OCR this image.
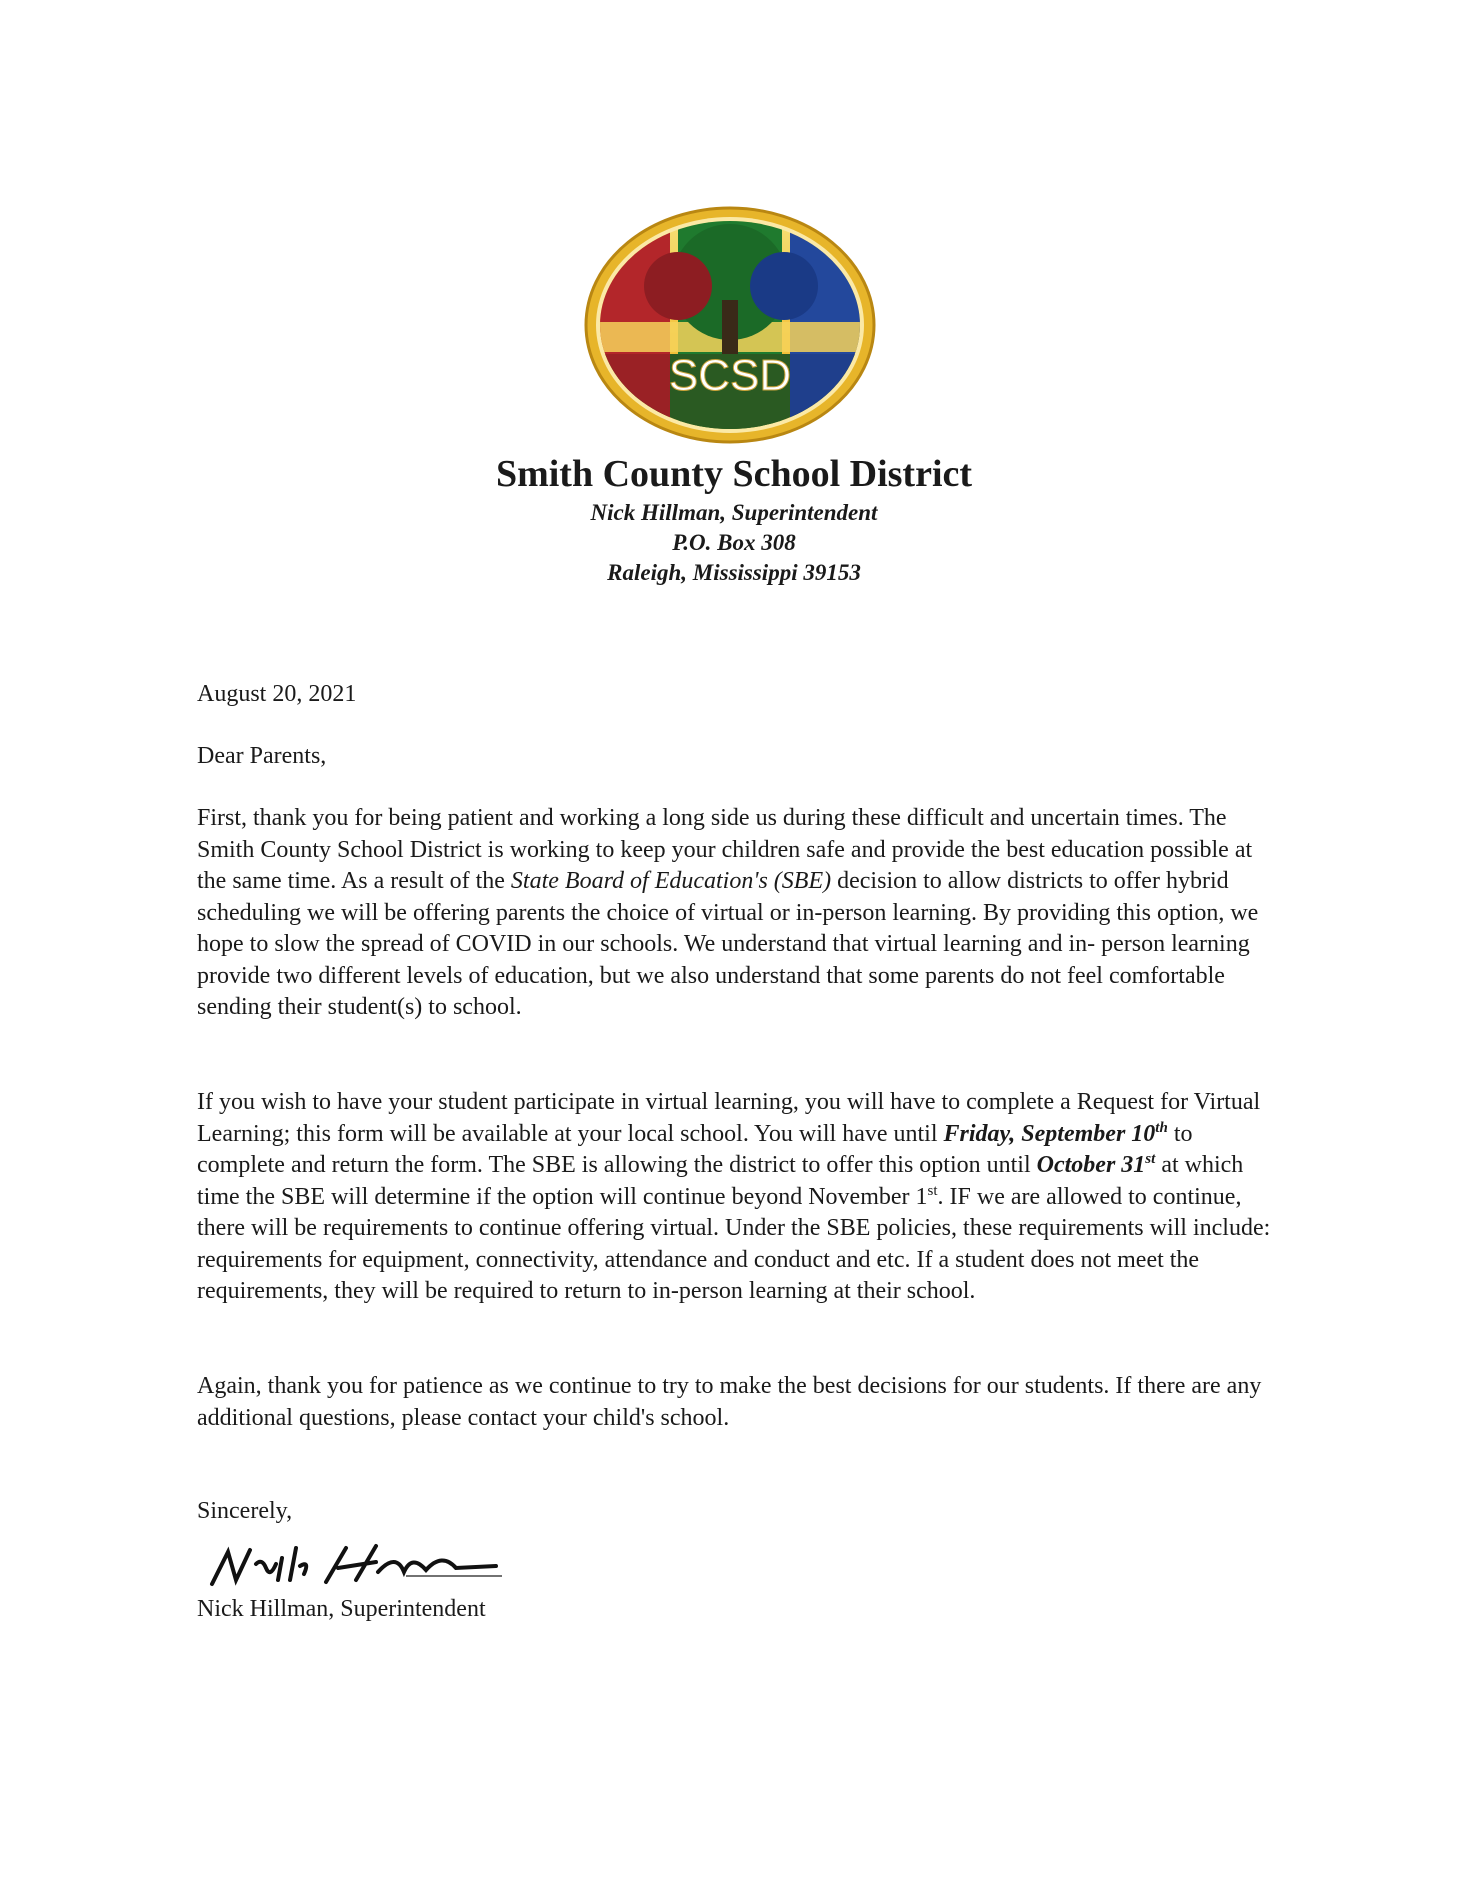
SCSD

Smith County School District

Nick Hillman, Superintendent

P.O. Box 308

Raleigh, Mississippi 39153

August 20, 2021

Dear Parents,

First, thank you for being patient and working a long side us during these difficult and uncertain times. The Smith County School District is working to keep your children safe and provide the best education possible at the same time. As a result of the State Board of Education's (SBE) decision to allow districts to offer hybrid scheduling we will be offering parents the choice of virtual or in-person learning. By providing this option, we hope to slow the spread of COVID in our schools. We understand that virtual learning and in- person learning provide two different levels of education, but we also understand that some parents do not feel comfortable sending their student(s) to school.

If you wish to have your student participate in virtual learning, you will have to complete a Request for Virtual Learning; this form will be available at your local school. You will have until Friday, September 10th to complete and return the form. The SBE is allowing the district to offer this option until October 31st at which time the SBE will determine if the option will continue beyond November 1st. IF we are allowed to continue, there will be requirements to continue offering virtual. Under the SBE policies, these requirements will include: requirements for equipment, connectivity, attendance and conduct and etc. If a student does not meet the requirements, they will be required to return to in-person learning at their school.

Again, thank you for patience as we continue to try to make the best decisions for our students. If there are any additional questions, please contact your child's school.

Sincerely,

Nick Hillman, Superintendent
